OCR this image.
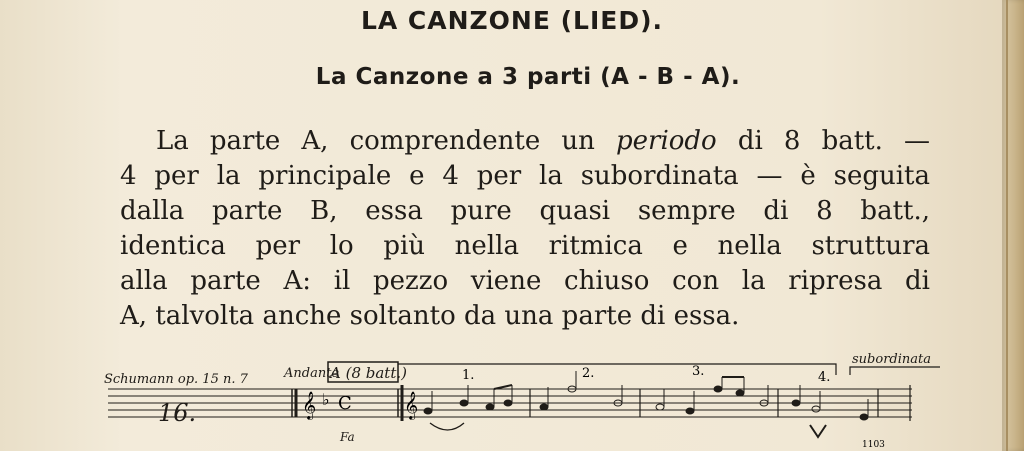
LA CANZONE (LIED).
La Canzone a 3 parti (A - B - A).
La parte A, comprendente un periodo di 8 batt. —
4 per la principale e 4 per la subordinata — è seguita
dalla parte B, essa pure quasi sempre di 8 batt.,
identica per lo più nella ritmica e nella struttura
alla parte A: il pezzo viene chiuso con la ripresa di
A, talvolta anche soltanto da una parte di essa.
Schumann op. 15 n. 7	Andante
A (8 batt.)
subordinata
1.	2.	3.	4.
16.	𝄞 ♭ C 𝄞
Fa
1103
